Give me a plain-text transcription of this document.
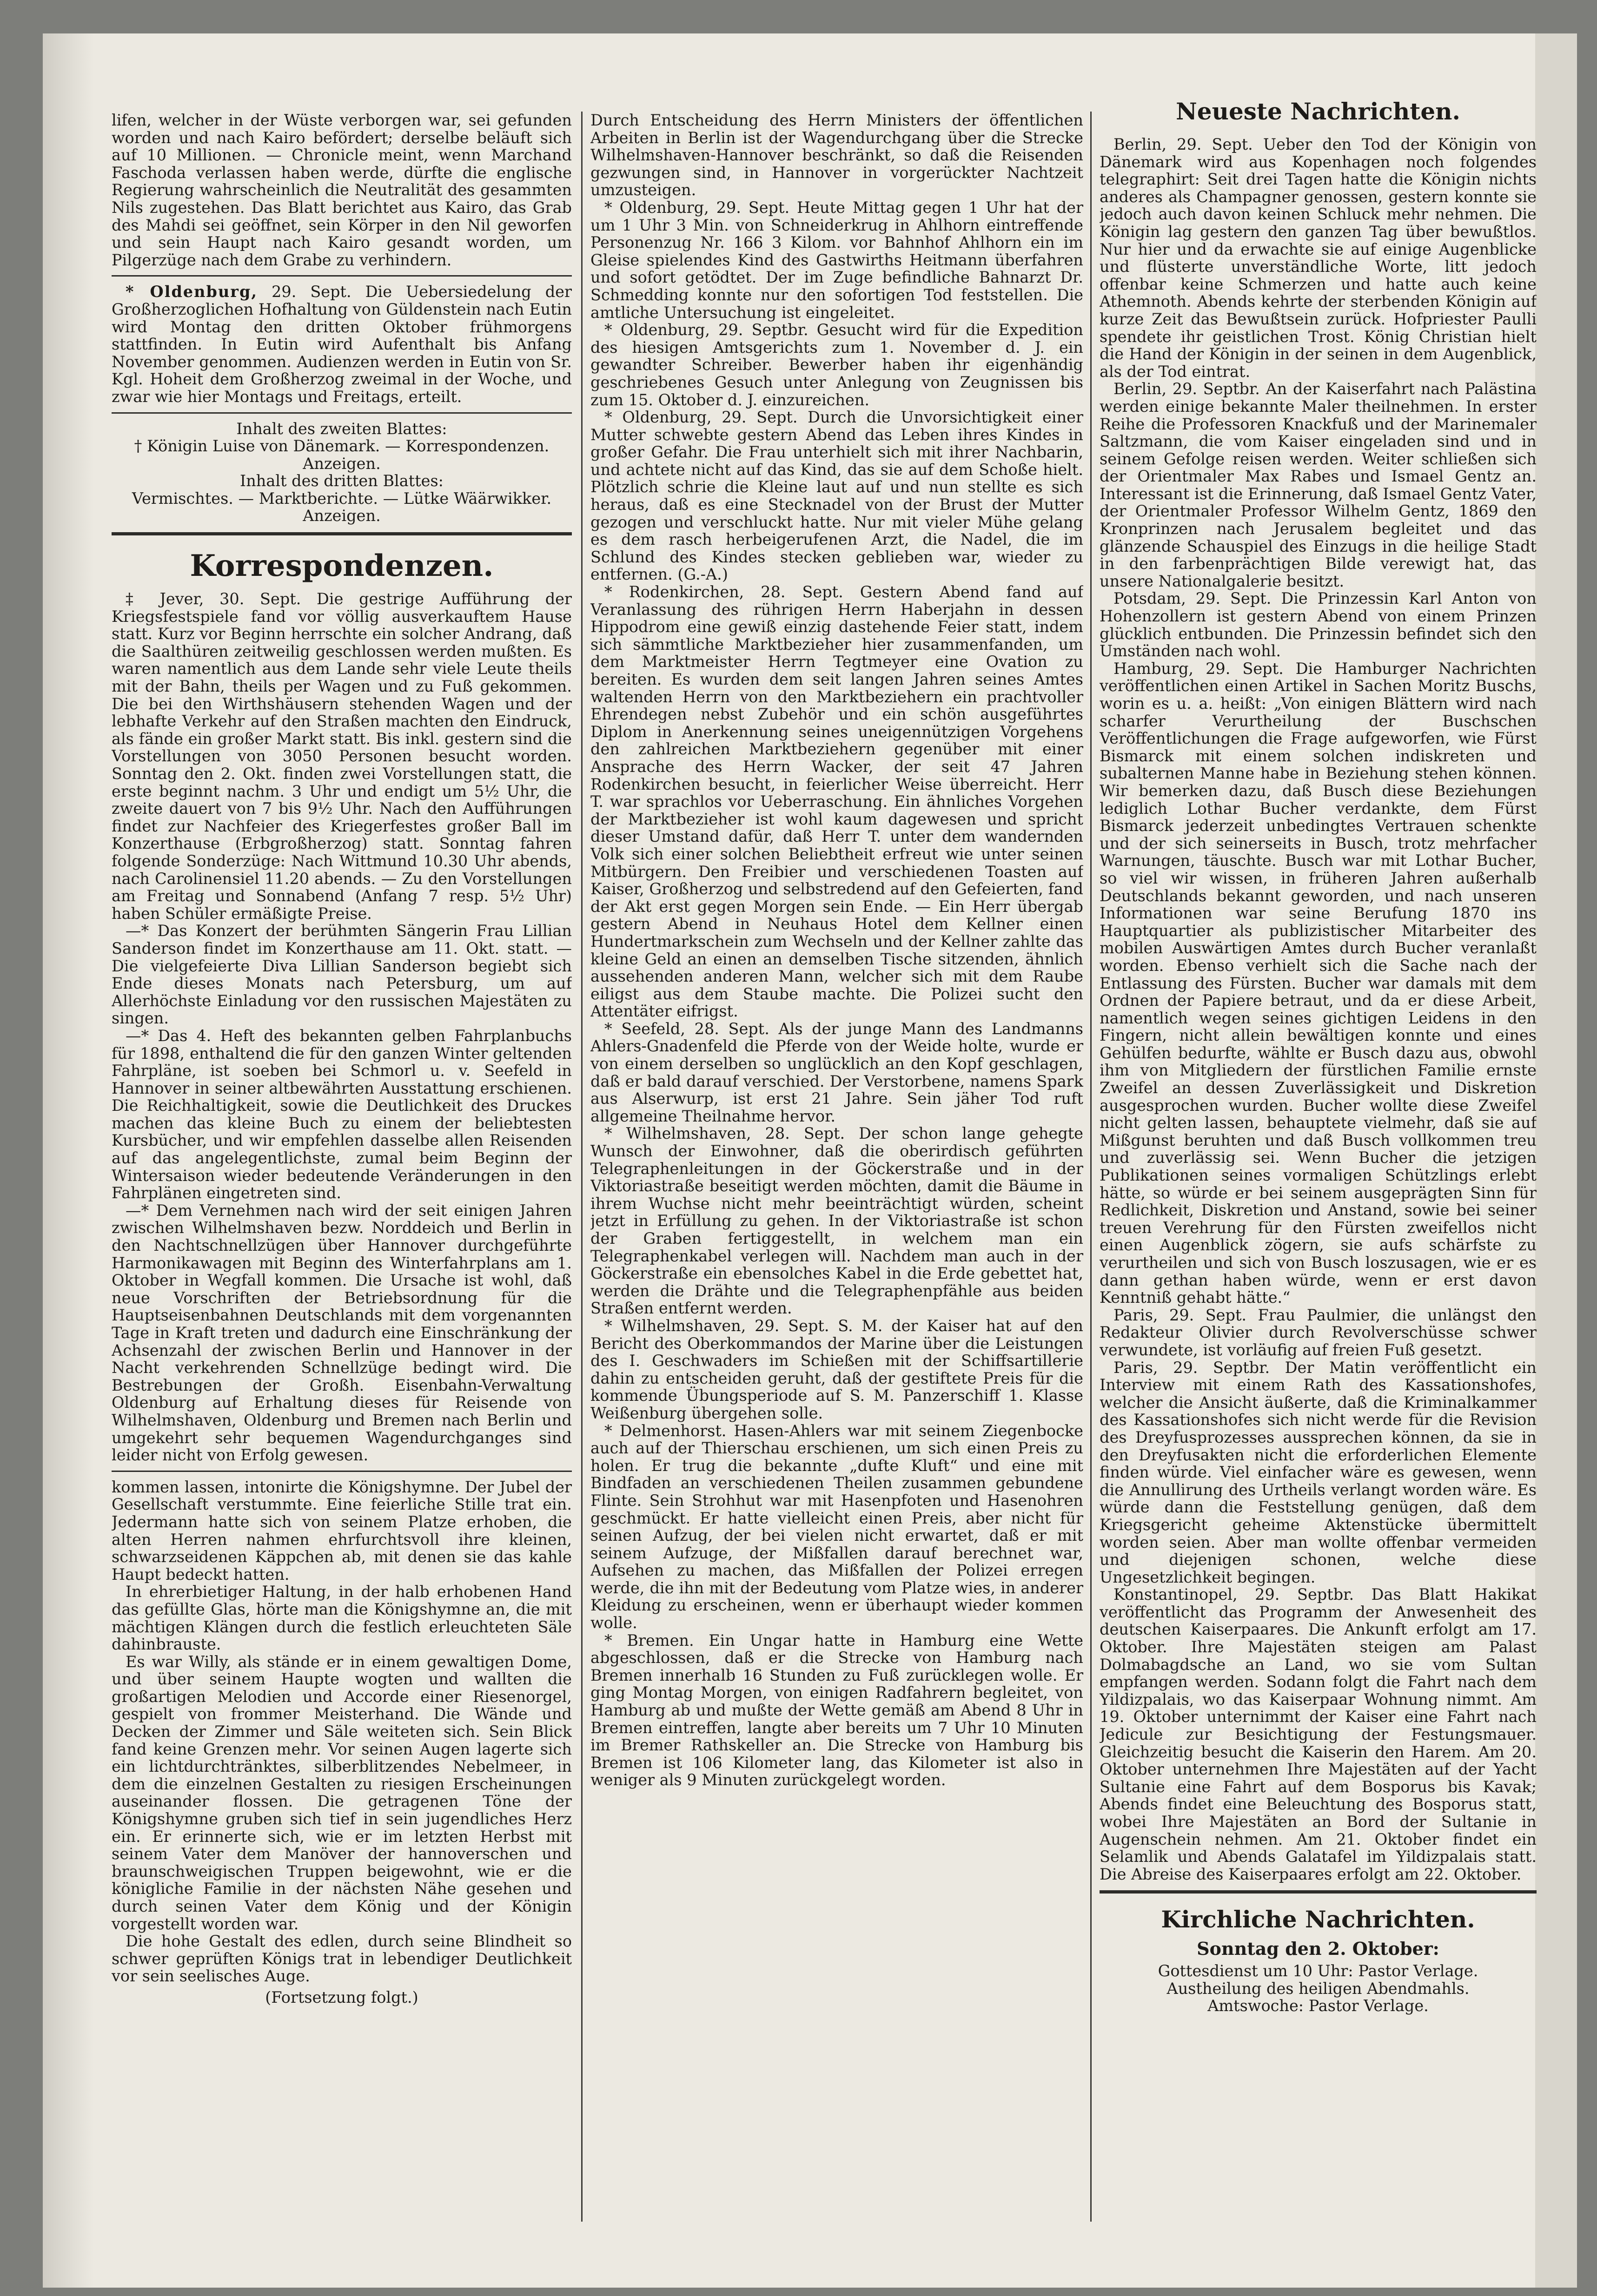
lifen, welcher in der Wüste verborgen war, sei gefunden worden und nach Kairo befördert; derselbe beläuft sich auf 10 Millionen. — Chronicle meint, wenn Marchand Faschoda verlassen haben werde, dürfte die englische Regierung wahrscheinlich die Neutralität des gesammten Nils zugestehen. Das Blatt berichtet aus Kairo, das Grab des Mahdi sei geöffnet, sein Körper in den Nil geworfen und sein Haupt nach Kairo gesandt worden, um Pilgerzüge nach dem Grabe zu verhindern.

* Oldenburg, 29. Sept. Die Uebersiedelung der Großherzoglichen Hofhaltung von Güldenstein nach Eutin wird Montag den dritten Oktober frühmorgens stattfinden. In Eutin wird Aufenthalt bis Anfang November genommen. Audienzen werden in Eutin von Sr. Kgl. Hoheit dem Großherzog zweimal in der Woche, und zwar wie hier Montags und Freitags, erteilt.

Inhalt des zweiten Blattes:
† Königin Luise von Dänemark. — Korrespondenzen.
Anzeigen.
Inhalt des dritten Blattes:
Vermischtes. — Marktberichte. — Lütke Wäärwikker.
Anzeigen.
Korrespondenzen.

‡ Jever, 30. Sept. Die gestrige Aufführung der Kriegsfestspiele fand vor völlig ausverkauftem Hause statt. Kurz vor Beginn herrschte ein solcher Andrang, daß die Saalthüren zeitweilig geschlossen werden mußten. Es waren namentlich aus dem Lande sehr viele Leute theils mit der Bahn, theils per Wagen und zu Fuß gekommen. Die bei den Wirthshäusern stehenden Wagen und der lebhafte Verkehr auf den Straßen machten den Eindruck, als fände ein großer Markt statt. Bis inkl. gestern sind die Vorstellungen von 3050 Personen besucht worden. Sonntag den 2. Okt. finden zwei Vorstellungen statt, die erste beginnt nachm. 3 Uhr und endigt um 5½ Uhr, die zweite dauert von 7 bis 9½ Uhr. Nach den Aufführungen findet zur Nachfeier des Kriegerfestes großer Ball im Konzerthause (Erbgroßherzog) statt. Sonntag fahren folgende Sonderzüge: Nach Wittmund 10.30 Uhr abends, nach Carolinensiel 11.20 abends. — Zu den Vorstellungen am Freitag und Sonnabend (Anfang 7 resp. 5½ Uhr) haben Schüler ermäßigte Preise.

—* Das Konzert der berühmten Sängerin Frau Lillian Sanderson findet im Konzerthause am 11. Okt. statt. — Die vielgefeierte Diva Lillian Sanderson begiebt sich Ende dieses Monats nach Petersburg, um auf Allerhöchste Einladung vor den russischen Majestäten zu singen.

—* Das 4. Heft des bekannten gelben Fahrplanbuchs für 1898, enthaltend die für den ganzen Winter geltenden Fahrpläne, ist soeben bei Schmorl u. v. Seefeld in Hannover in seiner altbewährten Ausstattung erschienen. Die Reichhaltigkeit, sowie die Deutlichkeit des Druckes machen das kleine Buch zu einem der beliebtesten Kursbücher, und wir empfehlen dasselbe allen Reisenden auf das angelegentlichste, zumal beim Beginn der Wintersaison wieder bedeutende Veränderungen in den Fahrplänen eingetreten sind.

—* Dem Vernehmen nach wird der seit einigen Jahren zwischen Wilhelmshaven bezw. Norddeich und Berlin in den Nachtschnellzügen über Hannover durchgeführte Harmonikawagen mit Beginn des Winterfahrplans am 1. Oktober in Wegfall kommen. Die Ursache ist wohl, daß neue Vorschriften der Betriebsordnung für die Hauptseisenbahnen Deutschlands mit dem vorgenannten Tage in Kraft treten und dadurch eine Einschränkung der Achsenzahl der zwischen Berlin und Hannover in der Nacht verkehrenden Schnellzüge bedingt wird. Die Bestrebungen der Großh. Eisenbahn-Verwaltung Oldenburg auf Erhaltung dieses für Reisende von Wilhelmshaven, Oldenburg und Bremen nach Berlin und umgekehrt sehr bequemen Wagendurchganges sind leider nicht von Erfolg gewesen.

kommen lassen, intonirte die Königshymne. Der Jubel der Gesellschaft verstummte. Eine feierliche Stille trat ein. Jedermann hatte sich von seinem Platze erhoben, die alten Herren nahmen ehrfurchtsvoll ihre kleinen, schwarzseidenen Käppchen ab, mit denen sie das kahle Haupt bedeckt hatten.

In ehrerbietiger Haltung, in der halb erhobenen Hand das gefüllte Glas, hörte man die Königshymne an, die mit mächtigen Klängen durch die festlich erleuchteten Säle dahinbrauste.

Es war Willy, als stände er in einem gewaltigen Dome, und über seinem Haupte wogten und wallten die großartigen Melodien und Accorde einer Riesenorgel, gespielt von frommer Meisterhand. Die Wände und Decken der Zimmer und Säle weiteten sich. Sein Blick fand keine Grenzen mehr. Vor seinen Augen lagerte sich ein lichtdurchtränktes, silberblitzendes Nebelmeer, in dem die einzelnen Gestalten zu riesigen Erscheinungen auseinander flossen. Die getragenen Töne der Königshymne gruben sich tief in sein jugendliches Herz ein. Er erinnerte sich, wie er im letzten Herbst mit seinem Vater dem Manöver der hannoverschen und braunschweigischen Truppen beigewohnt, wie er die königliche Familie in der nächsten Nähe gesehen und durch seinen Vater dem König und der Königin vorgestellt worden war.

Die hohe Gestalt des edlen, durch seine Blindheit so schwer geprüften Königs trat in lebendiger Deutlichkeit vor sein seelisches Auge.

(Fortsetzung folgt.)

Durch Entscheidung des Herrn Ministers der öffentlichen Arbeiten in Berlin ist der Wagendurchgang über die Strecke Wilhelmshaven-Hannover beschränkt, so daß die Reisenden gezwungen sind, in Hannover in vorgerückter Nachtzeit umzusteigen.

* Oldenburg, 29. Sept. Heute Mittag gegen 1 Uhr hat der um 1 Uhr 3 Min. von Schneiderkrug in Ahlhorn eintreffende Personenzug Nr. 166 3 Kilom. vor Bahnhof Ahlhorn ein im Gleise spielendes Kind des Gastwirths Heitmann überfahren und sofort getödtet. Der im Zuge befindliche Bahnarzt Dr. Schmedding konnte nur den sofortigen Tod feststellen. Die amtliche Untersuchung ist eingeleitet.

* Oldenburg, 29. Septbr. Gesucht wird für die Expedition des hiesigen Amtsgerichts zum 1. November d. J. ein gewandter Schreiber. Bewerber haben ihr eigenhändig geschriebenes Gesuch unter Anlegung von Zeugnissen bis zum 15. Oktober d. J. einzureichen.

* Oldenburg, 29. Sept. Durch die Unvorsichtigkeit einer Mutter schwebte gestern Abend das Leben ihres Kindes in großer Gefahr. Die Frau unterhielt sich mit ihrer Nachbarin, und achtete nicht auf das Kind, das sie auf dem Schoße hielt. Plötzlich schrie die Kleine laut auf und nun stellte es sich heraus, daß es eine Stecknadel von der Brust der Mutter gezogen und verschluckt hatte. Nur mit vieler Mühe gelang es dem rasch herbeigerufenen Arzt, die Nadel, die im Schlund des Kindes stecken geblieben war, wieder zu entfernen. (G.-A.)

* Rodenkirchen, 28. Sept. Gestern Abend fand auf Veranlassung des rührigen Herrn Haberjahn in dessen Hippodrom eine gewiß einzig dastehende Feier statt, indem sich sämmtliche Marktbezieher hier zusammenfanden, um dem Marktmeister Herrn Tegtmeyer eine Ovation zu bereiten. Es wurden dem seit langen Jahren seines Amtes waltenden Herrn von den Marktbeziehern ein prachtvoller Ehrendegen nebst Zubehör und ein schön ausgeführtes Diplom in Anerkennung seines uneigennützigen Vorgehens den zahlreichen Marktbeziehern gegenüber mit einer Ansprache des Herrn Wacker, der seit 47 Jahren Rodenkirchen besucht, in feierlicher Weise überreicht. Herr T. war sprachlos vor Ueberraschung. Ein ähnliches Vorgehen der Marktbezieher ist wohl kaum dagewesen und spricht dieser Umstand dafür, daß Herr T. unter dem wandernden Volk sich einer solchen Beliebtheit erfreut wie unter seinen Mitbürgern. Den Freibier und verschiedenen Toasten auf Kaiser, Großherzog und selbstredend auf den Gefeierten, fand der Akt erst gegen Morgen sein Ende. — Ein Herr übergab gestern Abend in Neuhaus Hotel dem Kellner einen Hundertmarkschein zum Wechseln und der Kellner zahlte das kleine Geld an einen an demselben Tische sitzenden, ähnlich aussehenden anderen Mann, welcher sich mit dem Raube eiligst aus dem Staube machte. Die Polizei sucht den Attentäter eifrigst.

* Seefeld, 28. Sept. Als der junge Mann des Landmanns Ahlers-Gnadenfeld die Pferde von der Weide holte, wurde er von einem derselben so unglücklich an den Kopf geschlagen, daß er bald darauf verschied. Der Verstorbene, namens Spark aus Alserwurp, ist erst 21 Jahre. Sein jäher Tod ruft allgemeine Theilnahme hervor.

* Wilhelmshaven, 28. Sept. Der schon lange gehegte Wunsch der Einwohner, daß die oberirdisch geführten Telegraphenleitungen in der Göckerstraße und in der Viktoriastraße beseitigt werden möchten, damit die Bäume in ihrem Wuchse nicht mehr beeinträchtigt würden, scheint jetzt in Erfüllung zu gehen. In der Viktoriastraße ist schon der Graben fertiggestellt, in welchem man ein Telegraphenkabel verlegen will. Nachdem man auch in der Göckerstraße ein ebensolches Kabel in die Erde gebettet hat, werden die Drähte und die Telegraphenpfähle aus beiden Straßen entfernt werden.

* Wilhelmshaven, 29. Sept. S. M. der Kaiser hat auf den Bericht des Oberkommandos der Marine über die Leistungen des I. Geschwaders im Schießen mit der Schiffsartillerie dahin zu entscheiden geruht, daß der gestiftete Preis für die kommende Übungsperiode auf S. M. Panzerschiff 1. Klasse Weißenburg übergehen solle.

* Delmenhorst. Hasen-Ahlers war mit seinem Ziegenbocke auch auf der Thierschau erschienen, um sich einen Preis zu holen. Er trug die bekannte „dufte Kluft“ und eine mit Bindfaden an verschiedenen Theilen zusammen gebundene Flinte. Sein Strohhut war mit Hasenpfoten und Hasenohren geschmückt. Er hatte vielleicht einen Preis, aber nicht für seinen Aufzug, der bei vielen nicht erwartet, daß er mit seinem Aufzuge, der Mißfallen darauf berechnet war, Aufsehen zu machen, das Mißfallen der Polizei erregen werde, die ihn mit der Bedeutung vom Platze wies, in anderer Kleidung zu erscheinen, wenn er überhaupt wieder kommen wolle.

* Bremen. Ein Ungar hatte in Hamburg eine Wette abgeschlossen, daß er die Strecke von Hamburg nach Bremen innerhalb 16 Stunden zu Fuß zurücklegen wolle. Er ging Montag Morgen, von einigen Radfahrern begleitet, von Hamburg ab und mußte der Wette gemäß am Abend 8 Uhr in Bremen eintreffen, langte aber bereits um 7 Uhr 10 Minuten im Bremer Rathskeller an. Die Strecke von Hamburg bis Bremen ist 106 Kilometer lang, das Kilometer ist also in weniger als 9 Minuten zurückgelegt worden.

Neueste Nachrichten.

Berlin, 29. Sept. Ueber den Tod der Königin von Dänemark wird aus Kopenhagen noch folgendes telegraphirt: Seit drei Tagen hatte die Königin nichts anderes als Champagner genossen, gestern konnte sie jedoch auch davon keinen Schluck mehr nehmen. Die Königin lag gestern den ganzen Tag über bewußtlos. Nur hier und da erwachte sie auf einige Augenblicke und flüsterte unverständliche Worte, litt jedoch offenbar keine Schmerzen und hatte auch keine Athemnoth. Abends kehrte der sterbenden Königin auf kurze Zeit das Bewußtsein zurück. Hofpriester Paulli spendete ihr geistlichen Trost. König Christian hielt die Hand der Königin in der seinen in dem Augenblick, als der Tod eintrat.

Berlin, 29. Septbr. An der Kaiserfahrt nach Palästina werden einige bekannte Maler theilnehmen. In erster Reihe die Professoren Knackfuß und der Marinemaler Saltzmann, die vom Kaiser eingeladen sind und in seinem Gefolge reisen werden. Weiter schließen sich der Orientmaler Max Rabes und Ismael Gentz an. Interessant ist die Erinnerung, daß Ismael Gentz Vater, der Orientmaler Professor Wilhelm Gentz, 1869 den Kronprinzen nach Jerusalem begleitet und das glänzende Schauspiel des Einzugs in die heilige Stadt in den farbenprächtigen Bilde verewigt hat, das unsere Nationalgalerie besitzt.

Potsdam, 29. Sept. Die Prinzessin Karl Anton von Hohenzollern ist gestern Abend von einem Prinzen glücklich entbunden. Die Prinzessin befindet sich den Umständen nach wohl.

Hamburg, 29. Sept. Die Hamburger Nachrichten veröffentlichen einen Artikel in Sachen Moritz Buschs, worin es u. a. heißt: „Von einigen Blättern wird nach scharfer Verurtheilung der Buschschen Veröffentlichungen die Frage aufgeworfen, wie Fürst Bismarck mit einem solchen indiskreten und subalternen Manne habe in Beziehung stehen können. Wir bemerken dazu, daß Busch diese Beziehungen lediglich Lothar Bucher verdankte, dem Fürst Bismarck jederzeit unbedingtes Vertrauen schenkte und der sich seinerseits in Busch, trotz mehrfacher Warnungen, täuschte. Busch war mit Lothar Bucher, so viel wir wissen, in früheren Jahren außerhalb Deutschlands bekannt geworden, und nach unseren Informationen war seine Berufung 1870 ins Hauptquartier als publizistischer Mitarbeiter des mobilen Auswärtigen Amtes durch Bucher veranlaßt worden. Ebenso verhielt sich die Sache nach der Entlassung des Fürsten. Bucher war damals mit dem Ordnen der Papiere betraut, und da er diese Arbeit, namentlich wegen seines gichtigen Leidens in den Fingern, nicht allein bewältigen konnte und eines Gehülfen bedurfte, wählte er Busch dazu aus, obwohl ihm von Mitgliedern der fürstlichen Familie ernste Zweifel an dessen Zuverlässigkeit und Diskretion ausgesprochen wurden. Bucher wollte diese Zweifel nicht gelten lassen, behauptete vielmehr, daß sie auf Mißgunst beruhten und daß Busch vollkommen treu und zuverlässig sei. Wenn Bucher die jetzigen Publikationen seines vormaligen Schützlings erlebt hätte, so würde er bei seinem ausgeprägten Sinn für Redlichkeit, Diskretion und Anstand, sowie bei seiner treuen Verehrung für den Fürsten zweifellos nicht einen Augenblick zögern, sie aufs schärfste zu verurtheilen und sich von Busch loszusagen, wie er es dann gethan haben würde, wenn er erst davon Kenntniß gehabt hätte.“

Paris, 29. Sept. Frau Paulmier, die unlängst den Redakteur Olivier durch Revolverschüsse schwer verwundete, ist vorläufig auf freien Fuß gesetzt.

Paris, 29. Septbr. Der Matin veröffentlicht ein Interview mit einem Rath des Kassationshofes, welcher die Ansicht äußerte, daß die Kriminalkammer des Kassationshofes sich nicht werde für die Revision des Dreyfusprozesses aussprechen können, da sie in den Dreyfusakten nicht die erforderlichen Elemente finden würde. Viel einfacher wäre es gewesen, wenn die Annullirung des Urtheils verlangt worden wäre. Es würde dann die Feststellung genügen, daß dem Kriegsgericht geheime Aktenstücke übermittelt worden seien. Aber man wollte offenbar vermeiden und diejenigen schonen, welche diese Ungesetzlichkeit begingen.

Konstantinopel, 29. Septbr. Das Blatt Hakikat veröffentlicht das Programm der Anwesenheit des deutschen Kaiserpaares. Die Ankunft erfolgt am 17. Oktober. Ihre Majestäten steigen am Palast Dolmabagdsche an Land, wo sie vom Sultan empfangen werden. Sodann folgt die Fahrt nach dem Yildizpalais, wo das Kaiserpaar Wohnung nimmt. Am 19. Oktober unternimmt der Kaiser eine Fahrt nach Jedicule zur Besichtigung der Festungsmauer. Gleichzeitig besucht die Kaiserin den Harem. Am 20. Oktober unternehmen Ihre Majestäten auf der Yacht Sultanie eine Fahrt auf dem Bosporus bis Kavak; Abends findet eine Beleuchtung des Bosporus statt, wobei Ihre Majestäten an Bord der Sultanie in Augenschein nehmen. Am 21. Oktober findet ein Selamlik und Abends Galatafel im Yildizpalais statt. Die Abreise des Kaiserpaares erfolgt am 22. Oktober.

Kirchliche Nachrichten.
Sonntag den 2. Oktober:
Gottesdienst um 10 Uhr: Pastor Verlage.
Austheilung des heiligen Abendmahls.
Amtswoche: Pastor Verlage.
